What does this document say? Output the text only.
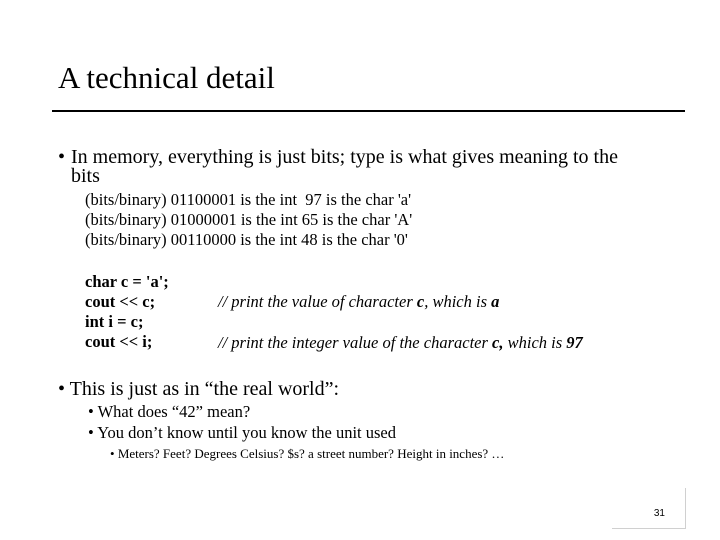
A technical detail
• In memory, everything is just bits; type is what gives meaning to the bits
(bits/binary) 01100001 is the int  97 is the char 'a'
(bits/binary) 01000001 is the int 65 is the char 'A'
(bits/binary) 00110000 is the int 48 is the char '0'
char c = 'a';
cout << c;
int i = c;
cout << i;
// print the value of character c, which is a
// print the integer value of the character c, which is 97
• This is just as in “the real world”:
• What does “42” mean?
• You don’t know until you know the unit used
• Meters? Feet? Degrees Celsius? $s? a street number? Height in inches? …
31
